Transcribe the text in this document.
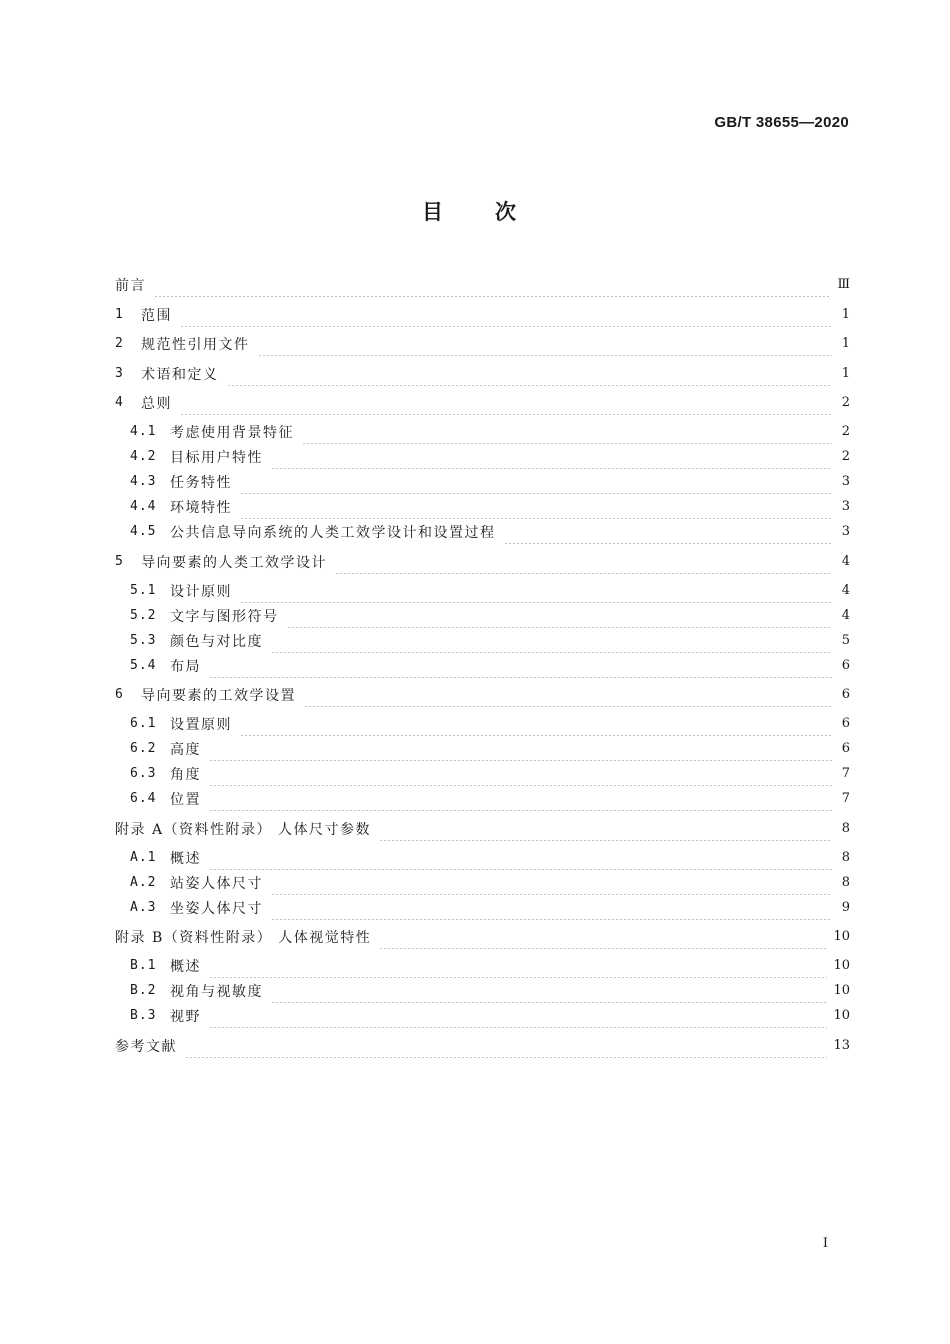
GB/T 38655—2020
目次
前言	Ⅲ
1	范围	1
2	规范性引用文件	1
3	术语和定义	1
4	总则	2
4.1 考虑使用背景特征	2
4.2 目标用户特性	2
4.3 任务特性	3
4.4 环境特性	3
4.5 公共信息导向系统的人类工效学设计和设置过程	3
5	导向要素的人类工效学设计	4
5.1 设计原则	4
5.2 文字与图形符号	4
5.3 颜色与对比度	5
5.4 布局	6
6	导向要素的工效学设置	6
6.1 设置原则	6
6.2 高度	6
6.3 角度	7
6.4 位置	7
附录 A（资料性附录） 人体尺寸参数	8
A.1 概述	8
A.2 站姿人体尺寸	8
A.3 坐姿人体尺寸	9
附录 B（资料性附录） 人体视觉特性	10
B.1 概述	10
B.2 视角与视敏度	10
B.3 视野	10
参考文献	13
I
